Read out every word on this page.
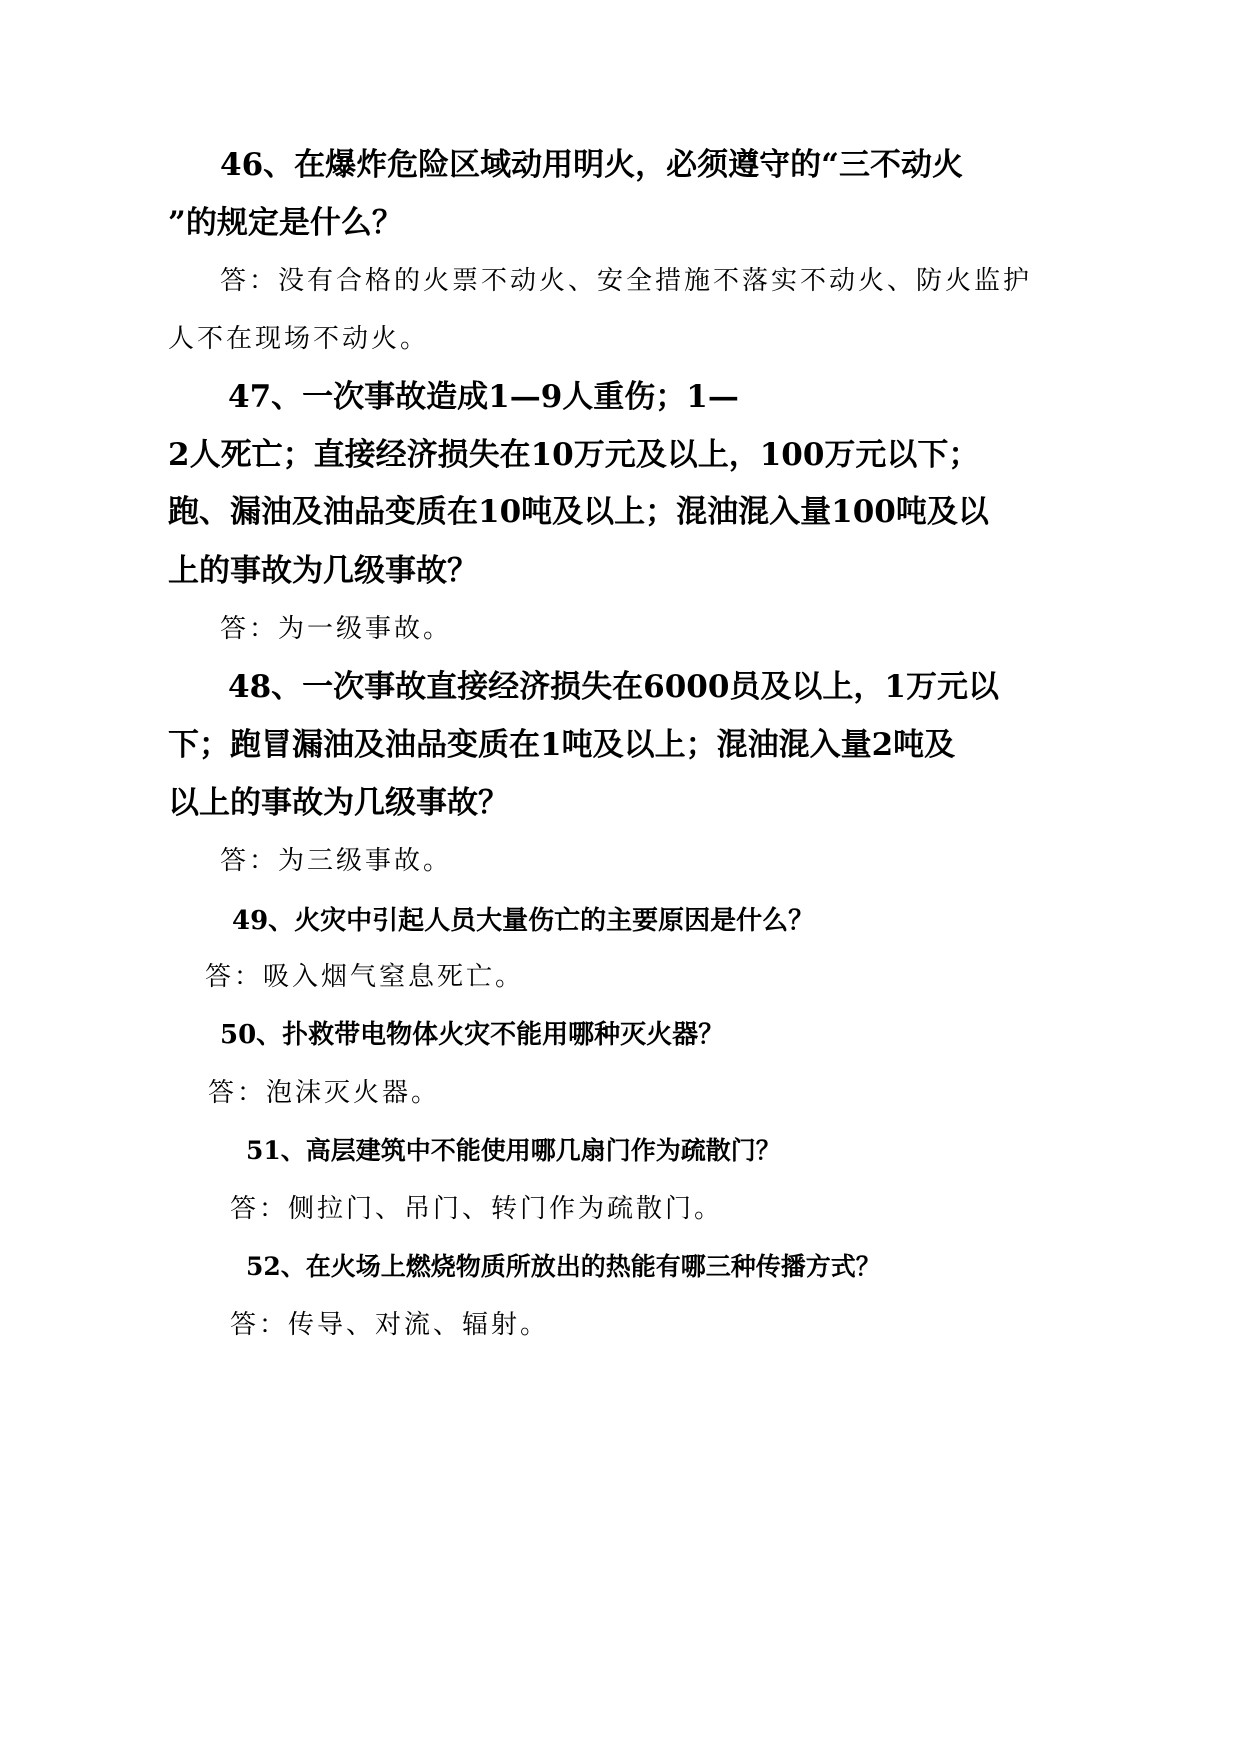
46、在爆炸危险区域动用明火，必须遵守的“三不动火
”的规定是什么？
答：没有合格的火票不动火、安全措施不落实不动火、防火监护
人不在现场不动火。
47、一次事故造成1—9人重伤；1—
2人死亡；直接经济损失在10万元及以上，100万元以下；
跑、漏油及油品变质在10吨及以上；混油混入量100吨及以
上的事故为几级事故？
答：为一级事故。
48、一次事故直接经济损失在6000员及以上，1万元以
下；跑冒漏油及油品变质在1吨及以上；混油混入量2吨及
以上的事故为几级事故？
答：为三级事故。
49、火灾中引起人员大量伤亡的主要原因是什么？
答：吸入烟气窒息死亡。
50、扑救带电物体火灾不能用哪种灭火器？
答：泡沫灭火器。
51、高层建筑中不能使用哪几扇门作为疏散门？
答：侧拉门、吊门、转门作为疏散门。
52、在火场上燃烧物质所放出的热能有哪三种传播方式？
答：传导、对流、辐射。
